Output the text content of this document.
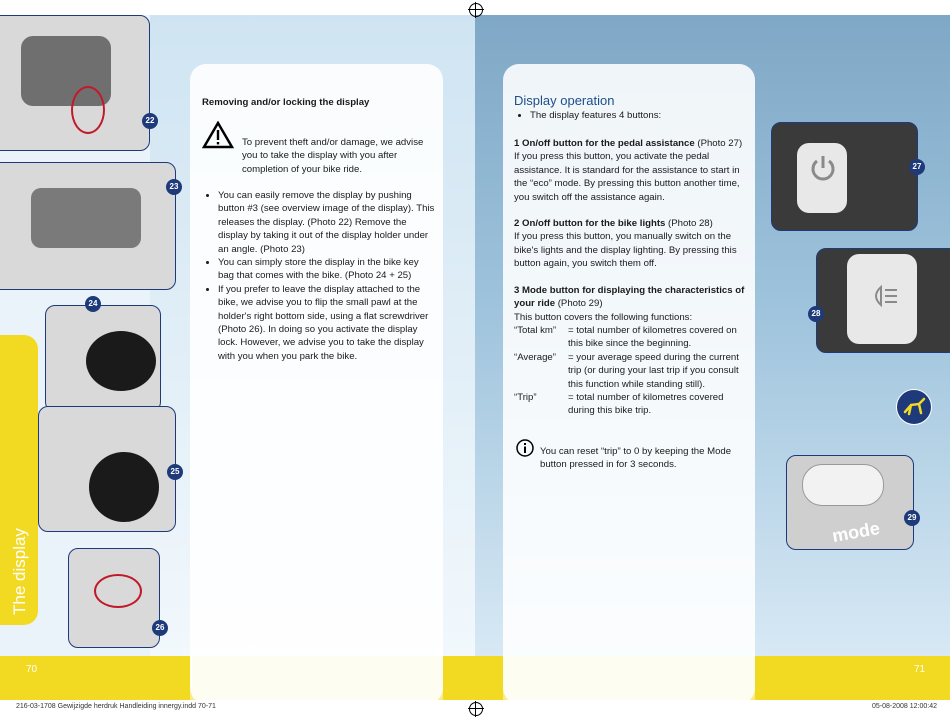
22
23
24
25
26
The display
Removing and/or locking the display
To prevent theft and/or damage, we advise you to take the display with you after completion of your bike ride.
• You can easily remove the display by pushing button #3 (see overview image of the display). This releases the display. (Photo 22) Remove the display by taking it out of the display holder under an angle. (Photo 23)
• You can simply store the display in the bike key bag that comes with the bike. (Photo 24 + 25)
• If you prefer to leave the display attached to the bike, we advise you to flip the small pawl at the holder's right bottom side, using a flat screwdriver (Photo 26). In doing so you activate the display lock. However, we advise you to take the display with you when you park the bike.
70
Display operation
• The display features 4 buttons:
1 On/off button for the pedal assistance (Photo 27)
If you press this button, you activate the pedal assistance. It is standard for the assistance to start in the “eco” mode. By pressing this button another time, you switch off the assistance again.
2 On/off button for the bike lights (Photo 28)
If you press this button, you manually switch on the bike's lights and the display lighting. By pressing this button again, you switch them off.
3 Mode button for displaying the characteristics of your ride (Photo 29)
This button covers the following functions:
“Total km”	= total number of kilometres covered on this bike since the beginning.
“Average”	= your average speed during the current trip (or during your last trip if you consult this function while standing still).
“Trip”	= total number of kilometres covered during this bike trip.
You can reset “trip” to 0 by keeping the Mode button pressed in for 3 seconds.
27
28
mode
29
71
216-03-1708 Gewijzigde herdruk Handleiding innergy.indd 70-71	05-08-2008 12:00:42
